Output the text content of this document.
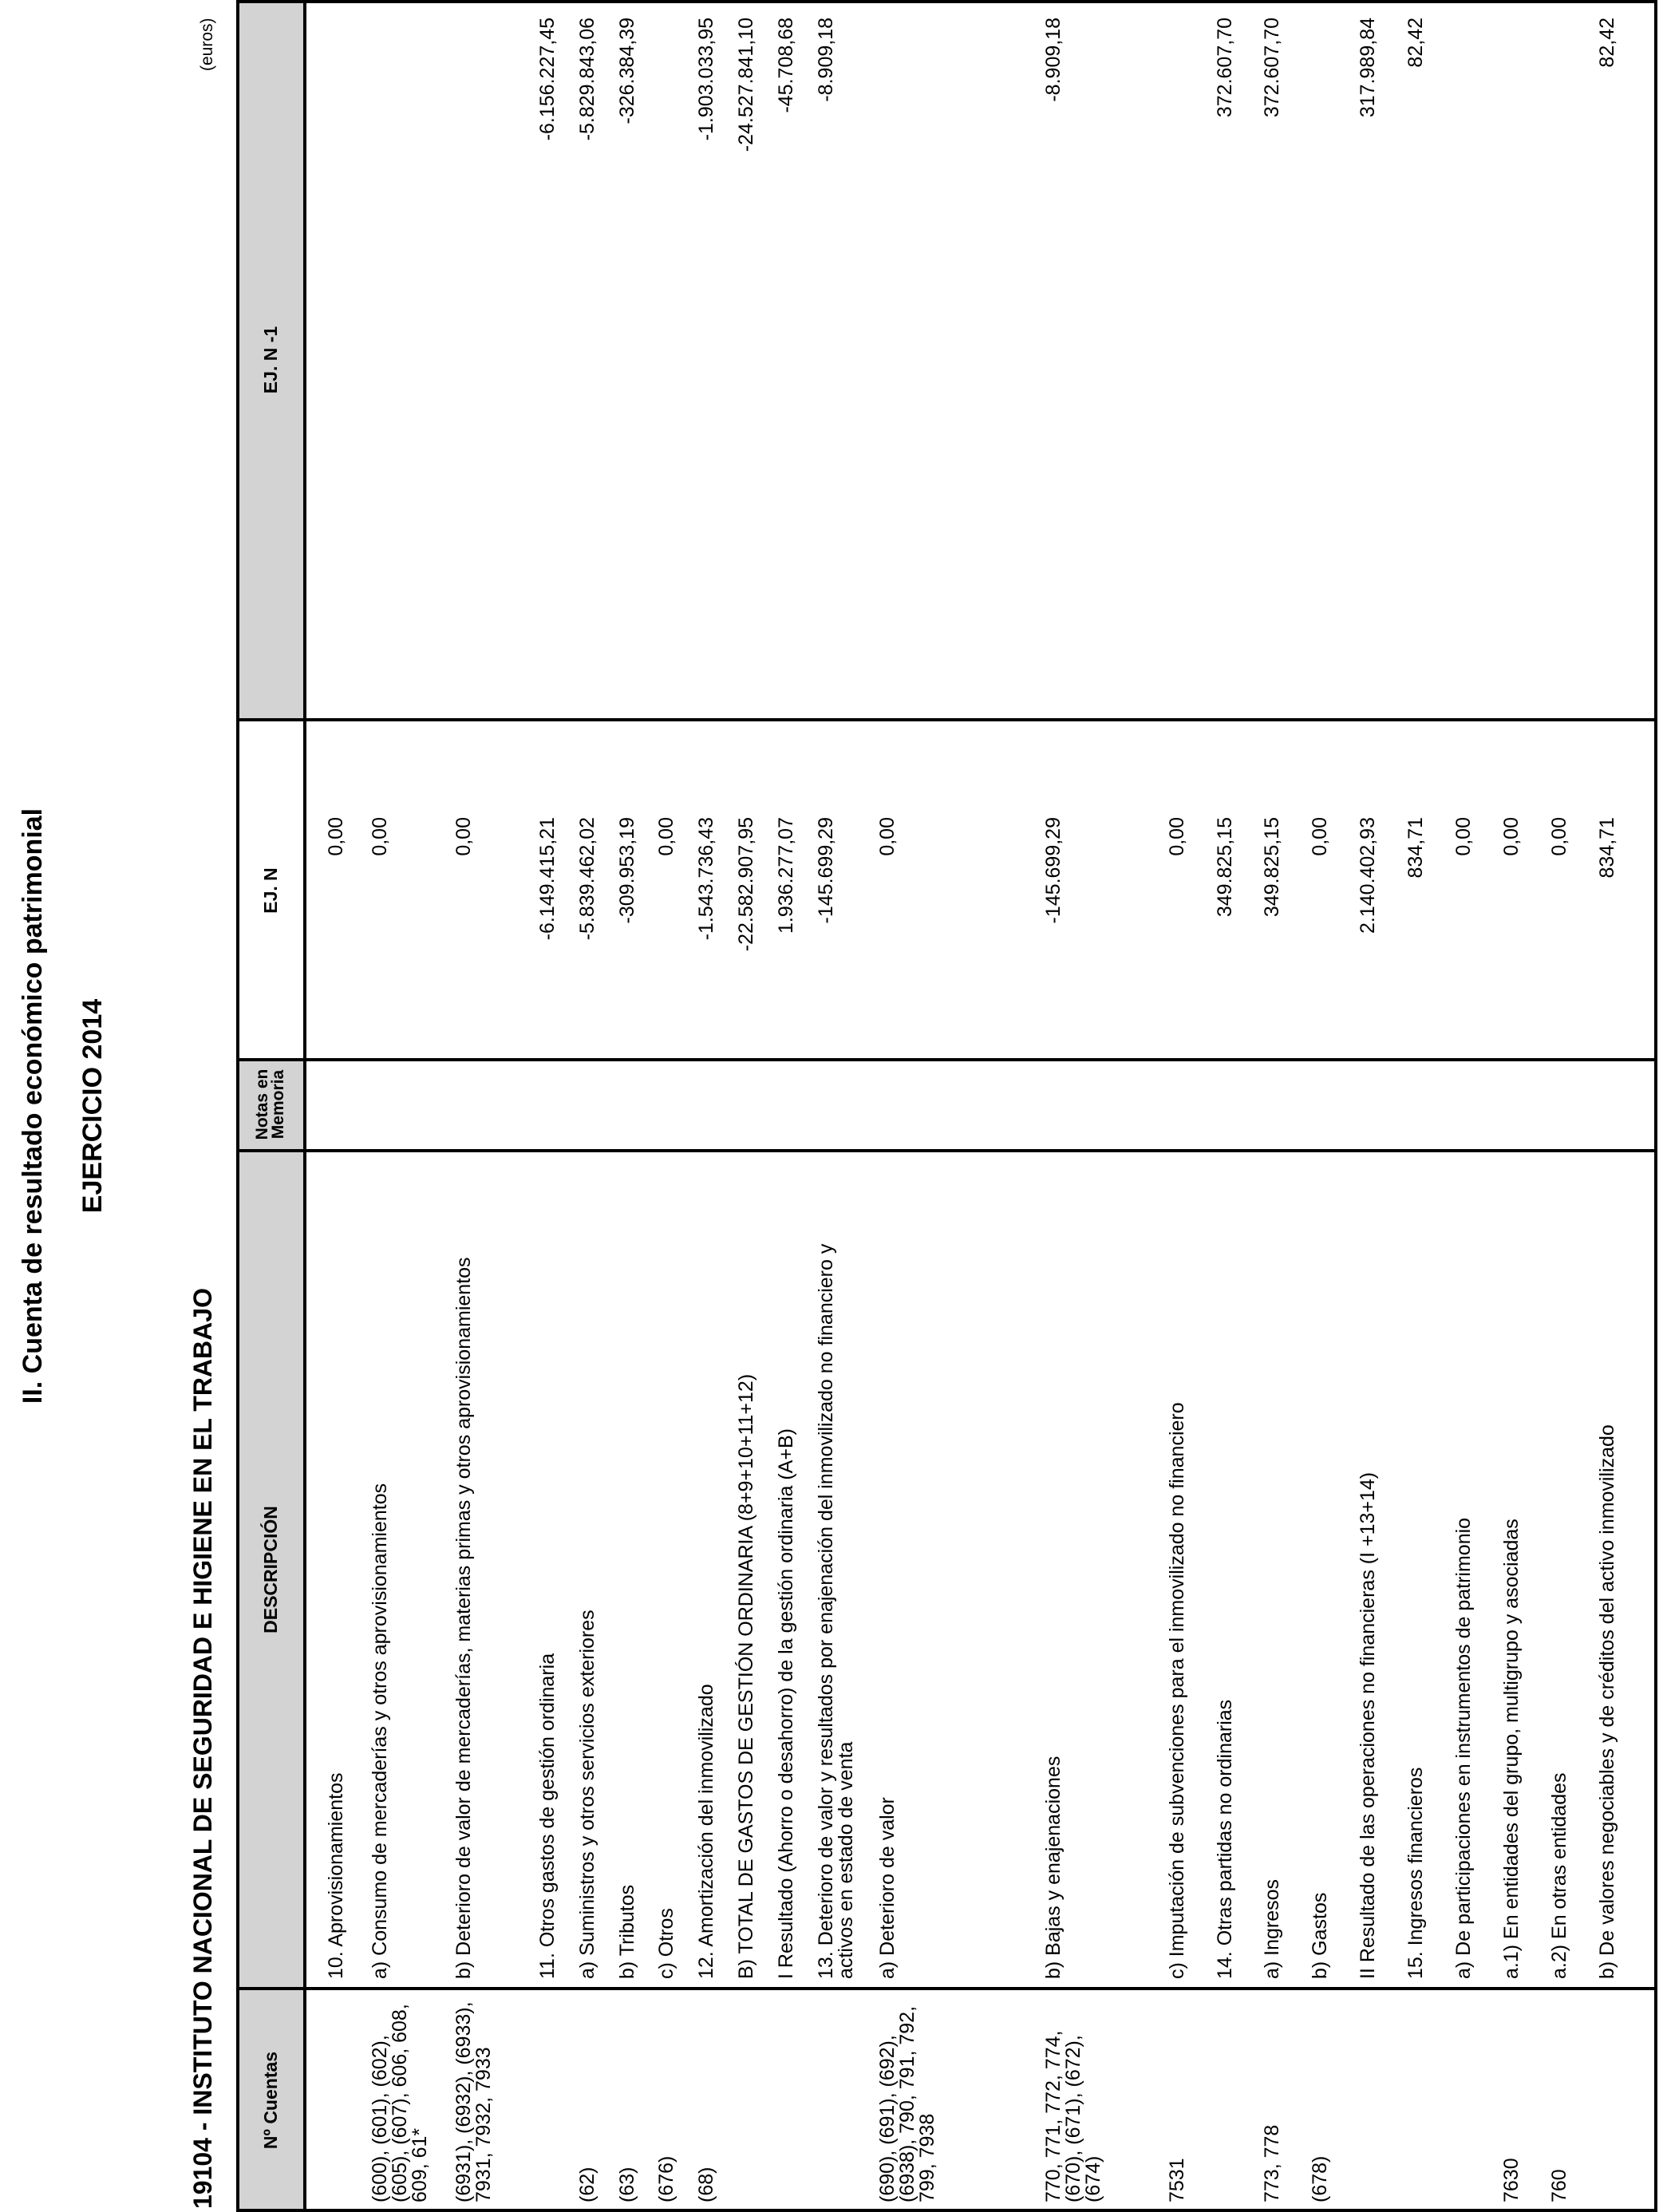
II. Cuenta de resultado económico patrimonial EJERCICIO 2014
19104 - INSTITUTO NACIONAL DE SEGURIDAD E HIGIENE EN EL TRABAJO
(euros)
Nº Cuentas
DESCRIPCIÓN
Notas en Memoria
EJ. N
EJ. N -1
10. Aprovisionamientos
0,00
(600), (601), (602), (605), (607), 606, 608, 609, 61*
a) Consumo de mercaderías y otros aprovisionamientos
0,00
(6931), (6932), (6933), 7931, 7932, 7933
b) Deterioro de valor de mercaderías, materias primas y otros aprovisionamientos
0,00
11. Otros gastos de gestión ordinaria
-6.149.415,21
-6.156.227,45
(62)
a) Suministros y otros servicios exteriores
-5.839.462,02
-5.829.843,06
(63)
b) Tributos
-309.953,19
-326.384,39
(676)
c) Otros
0,00
(68)
12. Amortización del inmovilizado
-1.543.736,43
-1.903.033,95
B) TOTAL DE GASTOS DE GESTIÓN ORDINARIA (8+9+10+11+12)
-22.582.907,95
-24.527.841,10
I Resultado (Ahorro o desahorro) de la gestión ordinaria (A+B)
1.936.277,07
-45.708,68
13. Deterioro de valor y resultados por enajenación del inmovilizado no financiero y activos en estado de venta
-145.699,29
-8.909,18
(690), (691), (692), (6938), 790, 791, 792, 799, 7938
a) Deterioro de valor
0,00
770, 771, 772, 774, (670), (671), (672), (674)
b) Bajas y enajenaciones
-145.699,29
-8.909,18
7531
c) Imputación de subvenciones para el inmovilizado no financiero
0,00
14. Otras partidas no ordinarias
349.825,15
372.607,70
773, 778
a) Ingresos
349.825,15
372.607,70
(678)
b) Gastos
0,00
II Resultado de las operaciones no financieras (I +13+14)
2.140.402,93
317.989,84
15. Ingresos financieros
834,71
82,42
a) De participaciones en instrumentos de patrimonio
0,00
7630
a.1) En entidades del grupo, multigrupo y asociadas
0,00
760
a.2) En otras entidades
0,00
b) De valores negociables y de créditos del activo inmovilizado
834,71
82,42
